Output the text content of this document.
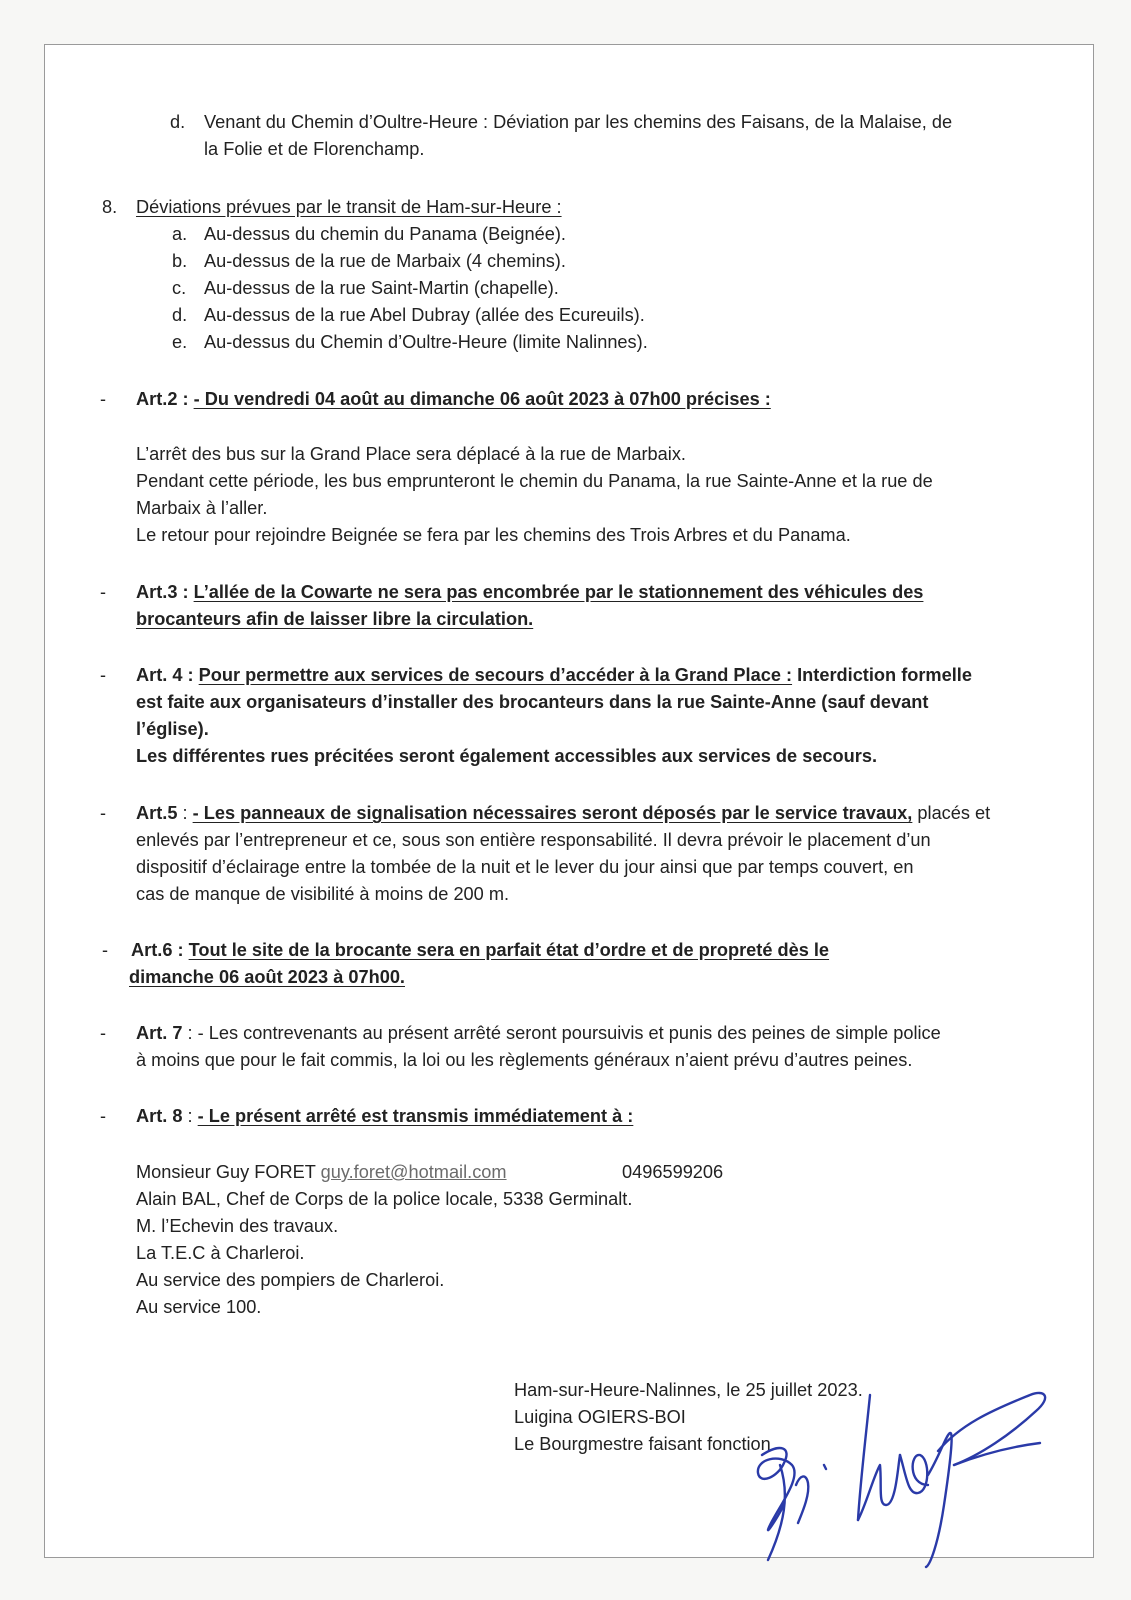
d. Venant du Chemin d’Oultre-Heure : Déviation par les chemins des Faisans, de la Malaise, de
la Folie et de Florenchamp.
8. Déviations prévues par le transit de Ham-sur-Heure :
a. Au-dessus du chemin du Panama (Beignée).
b. Au-dessus de la rue de Marbaix (4 chemins).
c. Au-dessus de la rue Saint-Martin (chapelle).
d. Au-dessus de la rue Abel Dubray (allée des Ecureuils).
e. Au-dessus du Chemin d’Oultre-Heure (limite Nalinnes).
- Art.2 : - Du vendredi 04 août au dimanche 06 août 2023 à 07h00 précises :
L’arrêt des bus sur la Grand Place sera déplacé à la rue de Marbaix.
Pendant cette période, les bus emprunteront le chemin du Panama, la rue Sainte-Anne et la rue de
Marbaix à l’aller.
Le retour pour rejoindre Beignée se fera par les chemins des Trois Arbres et du Panama.
- Art.3 : L’allée de la Cowarte ne sera pas encombrée par le stationnement des véhicules des
brocanteurs afin de laisser libre la circulation.
- Art. 4 : Pour permettre aux services de secours d’accéder à la Grand Place : Interdiction formelle
est faite aux organisateurs d’installer des brocanteurs dans la rue Sainte-Anne (sauf devant
l’église).
Les différentes rues précitées seront également accessibles aux services de secours.
- Art.5 : - Les panneaux de signalisation nécessaires seront déposés par le service travaux, placés et
enlevés par l’entrepreneur et ce, sous son entière responsabilité. Il devra prévoir le placement d’un
dispositif d’éclairage entre la tombée de la nuit et le lever du jour ainsi que par temps couvert, en
cas de manque de visibilité à moins de 200 m.
- Art.6 : Tout le site de la brocante sera en parfait état d’ordre et de propreté dès le
dimanche 06 août 2023 à 07h00.
- Art. 7 : - Les contrevenants au présent arrêté seront poursuivis et punis des peines de simple police
à moins que pour le fait commis, la loi ou les règlements généraux n’aient prévu d’autres peines.
- Art. 8 : - Le présent arrêté est transmis immédiatement à :
Monsieur Guy FORET guy.foret@hotmail.com	0496599206
Alain BAL, Chef de Corps de la police locale, 5338 Germinalt.
M. l’Echevin des travaux.
La T.E.C à Charleroi.
Au service des pompiers de Charleroi.
Au service 100.
Ham-sur-Heure-Nalinnes, le 25 juillet 2023.
Luigina OGIERS-BOI
Le Bourgmestre faisant fonction
